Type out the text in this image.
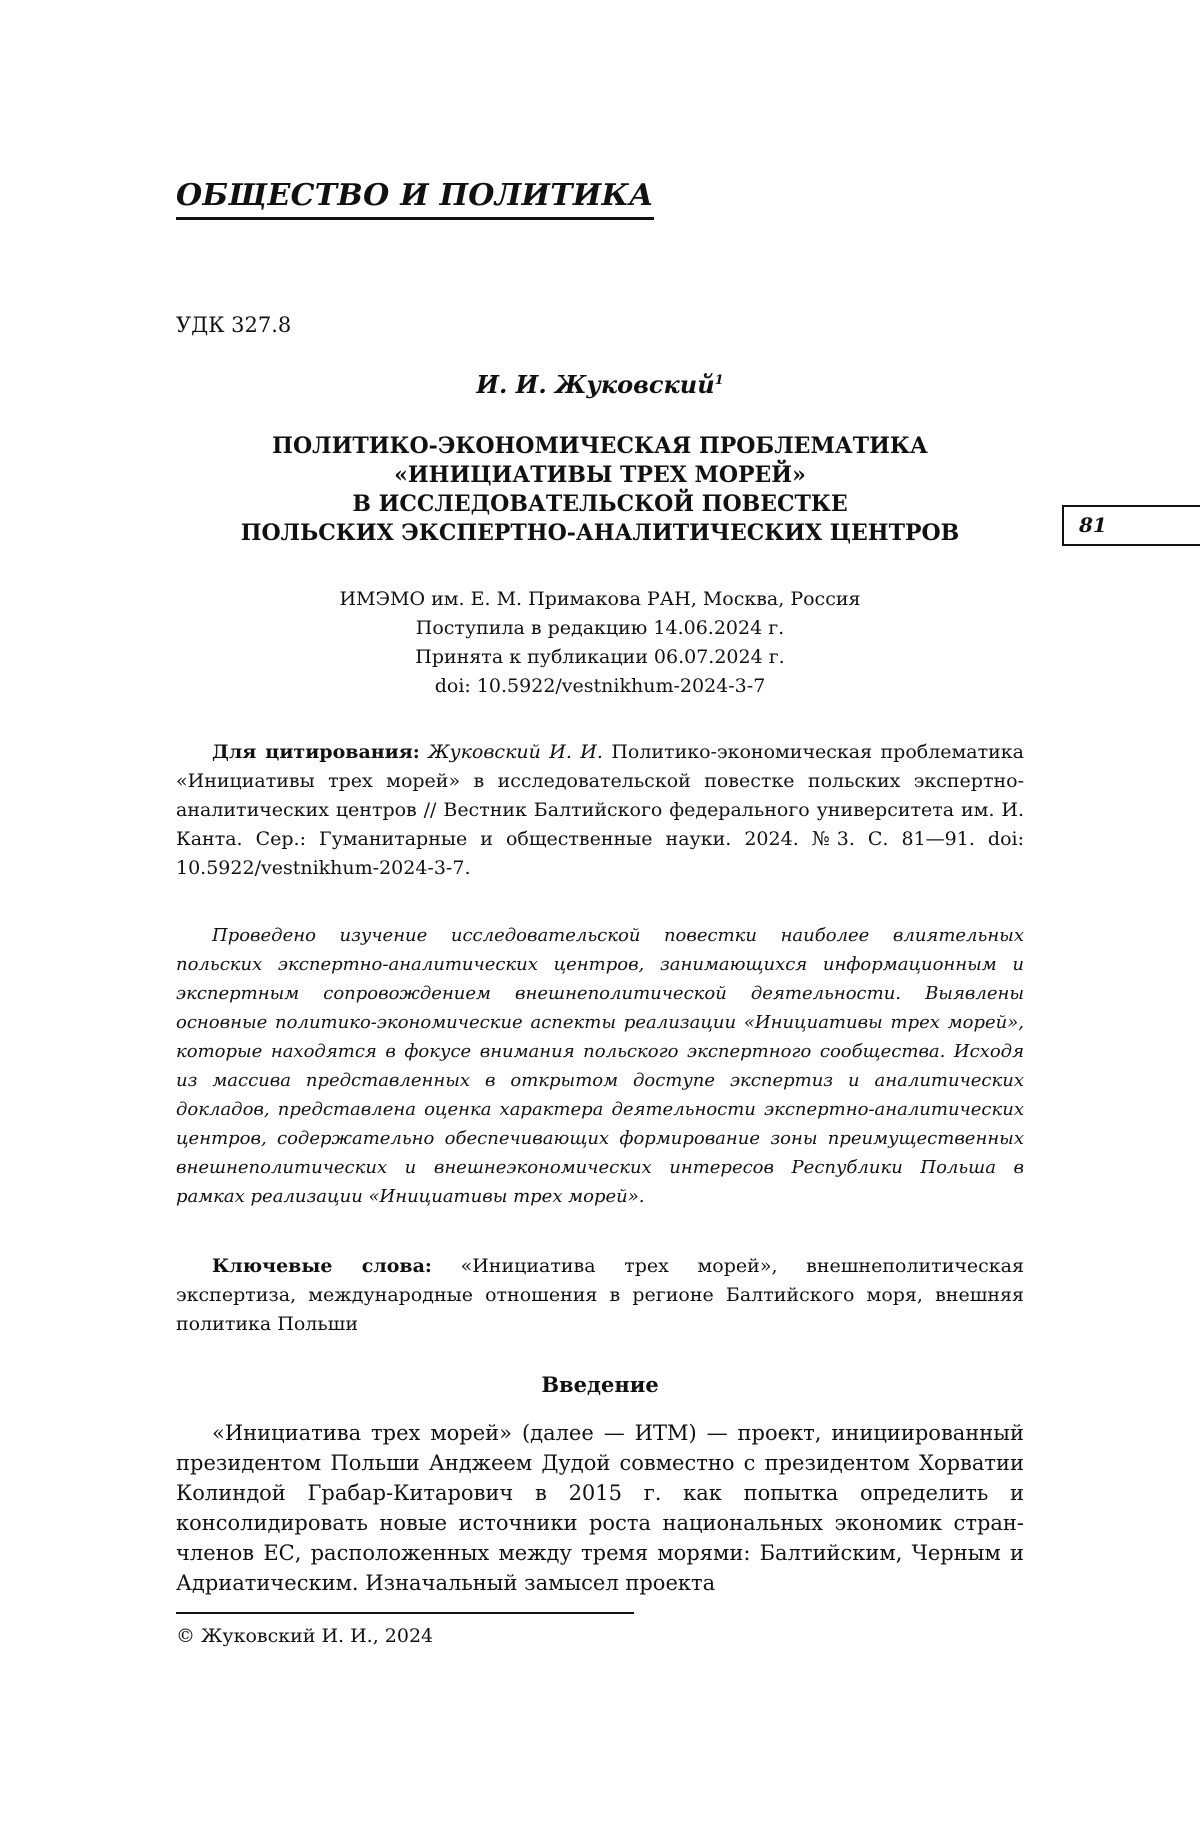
ОБЩЕСТВО И ПОЛИТИКА
УДК 327.8
И. И. Жуковский$^1$
ПОЛИТИКО-ЭКОНОМИЧЕСКАЯ ПРОБЛЕМАТИКА
«ИНИЦИАТИВЫ ТРЕХ МОРЕЙ»
В ИССЛЕДОВАТЕЛЬСКОЙ ПОВЕСТКЕ
ПОЛЬСКИХ ЭКСПЕРТНО-АНАЛИТИЧЕСКИХ ЦЕНТРОВ	81
ИМЭМО им. Е. М. Примакова РАН, Москва, Россия
Поступила в редакцию 14.06.2024 г.
Принята к публикации 06.07.2024 г.
doi: 10.5922/vestnikhum-2024-3-7
Для цитирования: Жуковский И. И. Политико-экономическая проблематика «Инициативы трех морей» в исследовательской повестке польских экспертно-аналитических центров // Вестник Балтийского федерального университета им. И. Канта. Сер.: Гуманитарные и общественные науки. 2024. №3. С. 81—91. doi: 10.5922/vestnikhum-2024-3-7.
Проведено изучение исследовательской повестки наиболее влиятельных польских экспертно-аналитических центров, занимающихся информационным и экспертным сопровождением внешнеполитической деятельности. Выявлены основные политико-экономические аспекты реализации «Инициативы трех морей», которые находятся в фокусе внимания польского экспертного сообщества. Исходя из массива представленных в открытом доступе экспертиз и аналитических докладов, представлена оценка характера деятельности экспертно-аналитических центров, содержательно обеспечивающих формирование зоны преимущественных внешнеполитических и внешнеэкономических интересов Республики Польша в рамках реализации «Инициативы трех морей».
Ключевые слова: «Инициатива трех морей», внешнеполитическая экспертиза, международные отношения в регионе Балтийского моря, внешняя политика Польши
Введение
«Инициатива трех морей» (далее — ИТМ) — проект, инициированный президентом Польши Анджеем Дудой совместно с президентом Хорватии Колиндой Грабар-Китарович в 2015 г. как попытка определить и консолидировать новые источники роста национальных экономик стран-членов ЕС, расположенных между тремя морями: Балтийским, Черным и Адриатическим. Изначальный замысел проекта
© Жуковский И. И., 2024
